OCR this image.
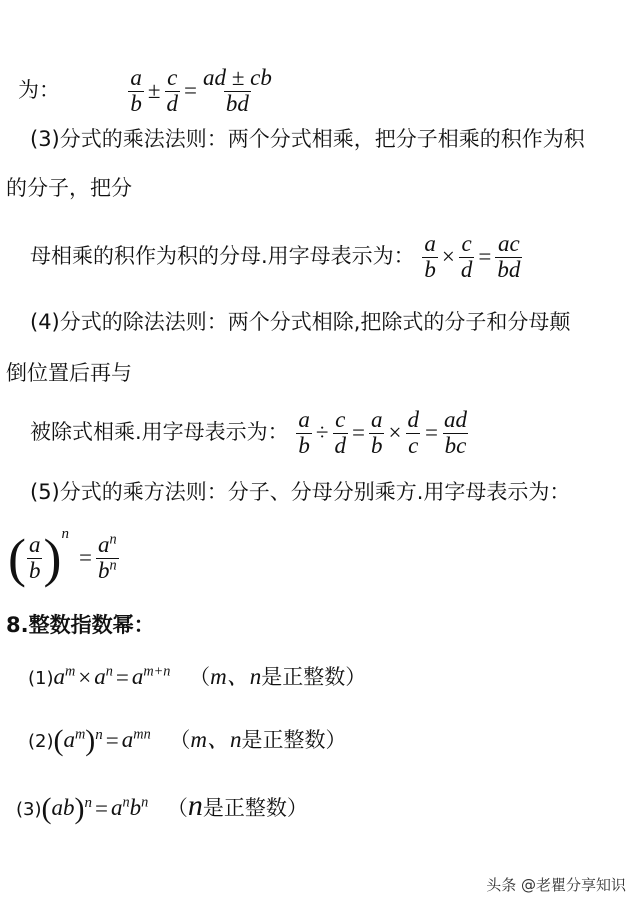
为：	$\frac{a}{b} \pm \frac{c}{d} = \frac{ad \pm cb}{bd}$
(3)分式的乘法法则：两个分式相乘，把分子相乘的积作为积
的分子，把分
母相乘的积作为积的分母.用字母表示为： $\frac{a}{b} \times \frac{c}{d} = \frac{ac}{bd}$
(4)分式的除法法则：两个分式相除,把除式的分子和分母颠
倒位置后再与
被除式相乘.用字母表示为： $\frac{a}{b} \div \frac{c}{d} = \frac{a}{b} \times \frac{d}{c} = \frac{ad}{bc}$
(5)分式的乘方法则：分子、分母分别乘方.用字母表示为：
( $\frac{a}{b} )^n= \frac{a^n}{b^n}$
8.整数指数幂：
$(1)a^m \times a^n = a^{m+n}$ （m、n是正整数）
$(2)(a^m)^n = a^{mn}$ （m、n是正整数）
$(3)(ab)^n = a^nb^n$ （n是正整数）
头条 @老瞿分享知识
